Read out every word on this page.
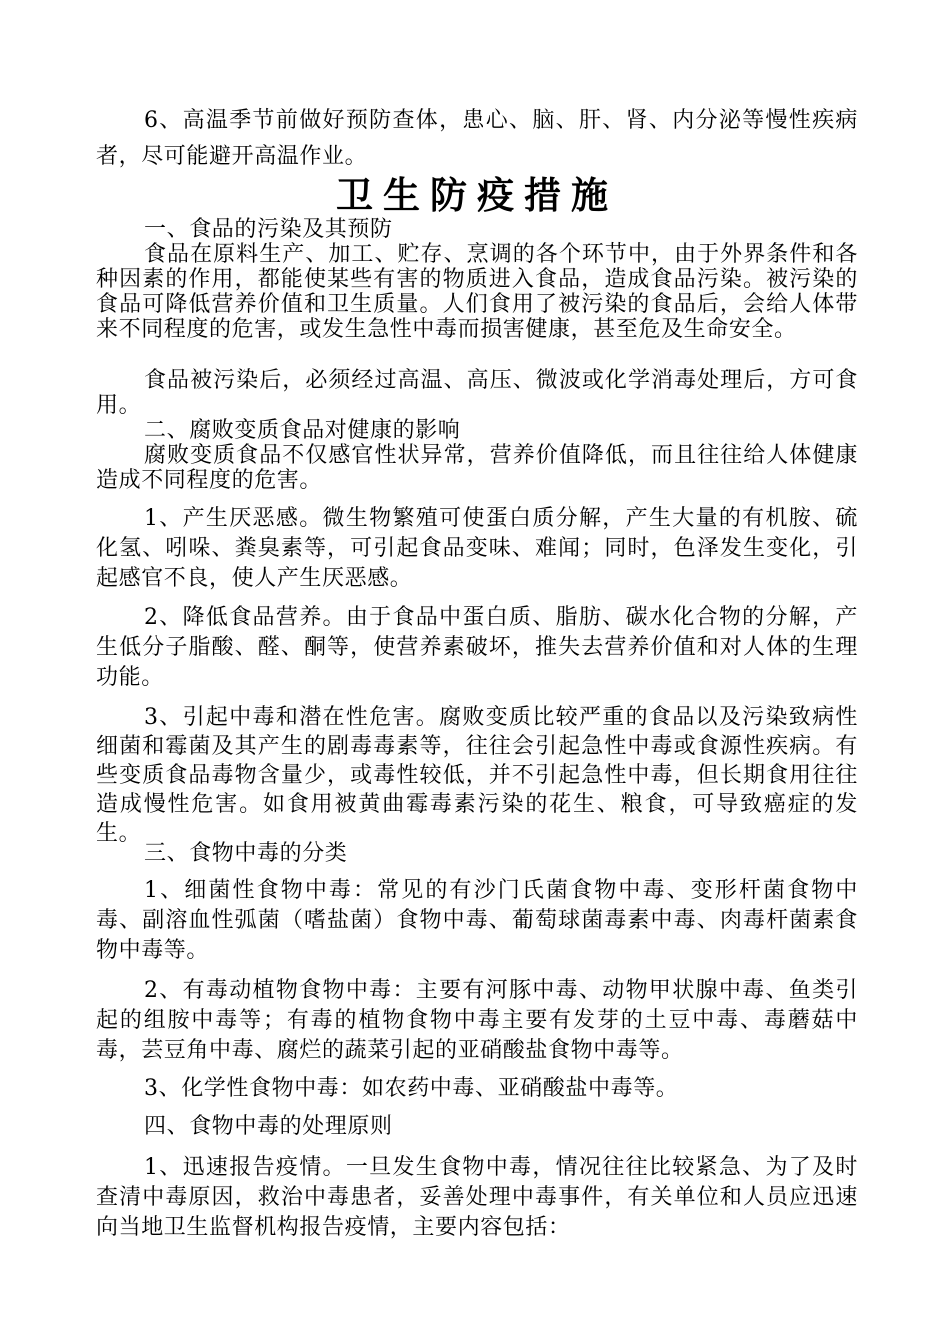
6、高温季节前做好预防查体，患心、脑、肝、肾、内分泌等慢性疾病者，尽可能避开高温作业。

卫生防疫措施

一、食品的污染及其预防

食品在原料生产、加工、贮存、烹调的各个环节中，由于外界条件和各种因素的作用，都能使某些有害的物质进入食品，造成食品污染。被污染的食品可降低营养价值和卫生质量。人们食用了被污染的食品后，会给人体带来不同程度的危害，或发生急性中毒而损害健康，甚至危及生命安全。

食品被污染后，必须经过高温、高压、微波或化学消毒处理后，方可食用。

二、腐败变质食品对健康的影响

腐败变质食品不仅感官性状异常，营养价值降低，而且往往给人体健康造成不同程度的危害。

1、产生厌恶感。微生物繁殖可使蛋白质分解，产生大量的有机胺、硫化氢、吲哚、粪臭素等，可引起食品变味、难闻；同时，色泽发生变化，引起感官不良，使人产生厌恶感。

2、降低食品营养。由于食品中蛋白质、脂肪、碳水化合物的分解，产生低分子脂酸、醛、酮等，使营养素破坏，推失去营养价值和对人体的生理功能。

3、引起中毒和潜在性危害。腐败变质比较严重的食品以及污染致病性细菌和霉菌及其产生的剧毒毒素等，往往会引起急性中毒或食源性疾病。有些变质食品毒物含量少，或毒性较低，并不引起急性中毒，但长期食用往往造成慢性危害。如食用被黄曲霉毒素污染的花生、粮食，可导致癌症的发生。

三、食物中毒的分类

1、细菌性食物中毒：常见的有沙门氏菌食物中毒、变形杆菌食物中毒、副溶血性弧菌（嗜盐菌）食物中毒、葡萄球菌毒素中毒、肉毒杆菌素食物中毒等。

2、有毒动植物食物中毒：主要有河豚中毒、动物甲状腺中毒、鱼类引起的组胺中毒等；有毒的植物食物中毒主要有发芽的土豆中毒、毒蘑菇中毒，芸豆角中毒、腐烂的蔬菜引起的亚硝酸盐食物中毒等。

3、化学性食物中毒：如农药中毒、亚硝酸盐中毒等。

四、食物中毒的处理原则

1、迅速报告疫情。一旦发生食物中毒，情况往往比较紧急、为了及时查清中毒原因，救治中毒患者，妥善处理中毒事件，有关单位和人员应迅速向当地卫生监督机构报告疫情，主要内容包括：
